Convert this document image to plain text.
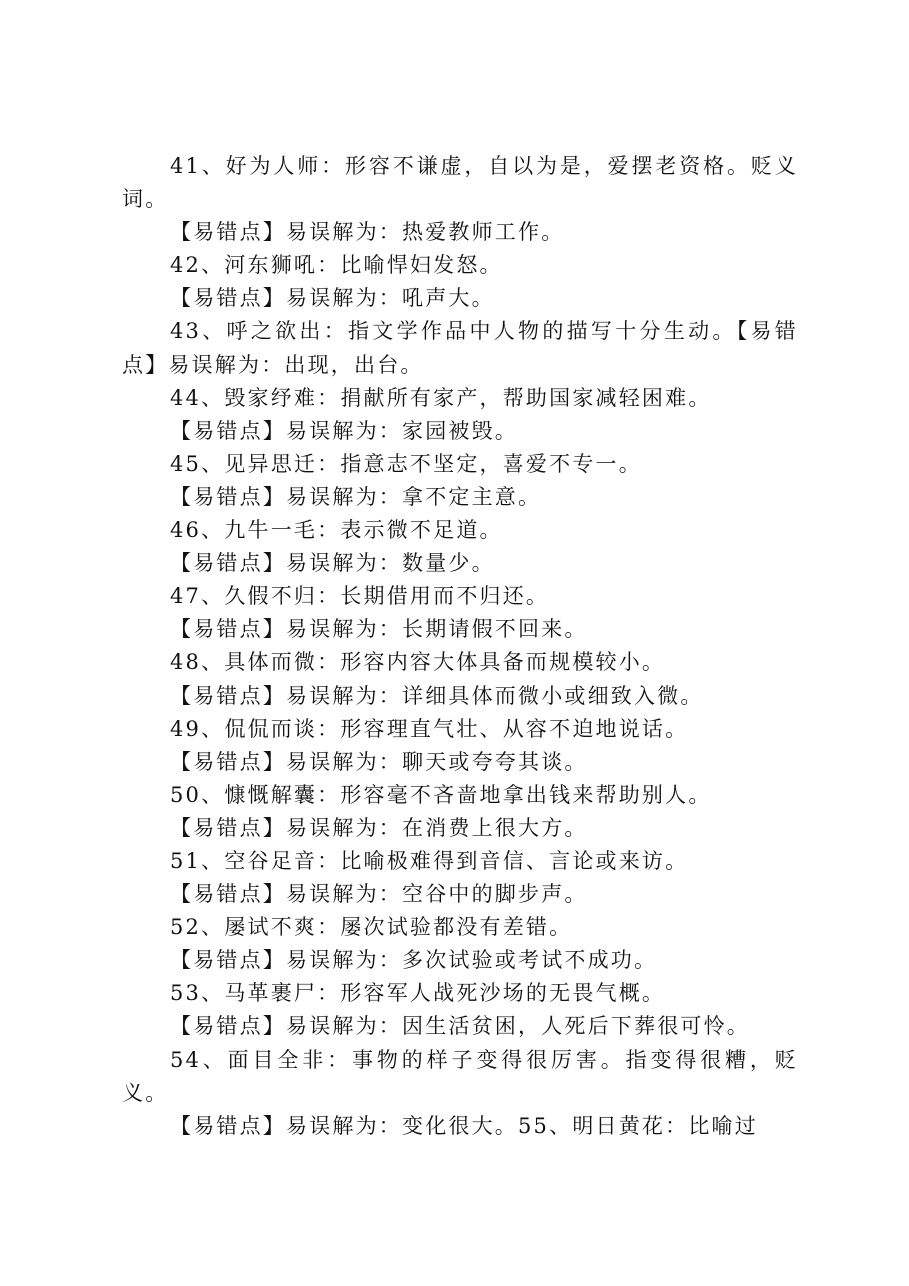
41、好为人师：形容不谦虚，自以为是，爱摆老资格。贬义词。

【易错点】易误解为：热爱教师工作。

42、河东狮吼：比喻悍妇发怒。

【易错点】易误解为：吼声大。

43、呼之欲出：指文学作品中人物的描写十分生动。【易错点】易误解为：出现，出台。

44、毁家纾难：捐献所有家产，帮助国家减轻困难。

【易错点】易误解为：家园被毁。

45、见异思迁：指意志不坚定，喜爱不专一。

【易错点】易误解为：拿不定主意。

46、九牛一毛：表示微不足道。

【易错点】易误解为：数量少。

47、久假不归：长期借用而不归还。

【易错点】易误解为：长期请假不回来。

48、具体而微：形容内容大体具备而规模较小。

【易错点】易误解为：详细具体而微小或细致入微。

49、侃侃而谈：形容理直气壮、从容不迫地说话。

【易错点】易误解为：聊天或夸夸其谈。

50、慷慨解囊：形容毫不吝啬地拿出钱来帮助别人。

【易错点】易误解为：在消费上很大方。

51、空谷足音：比喻极难得到音信、言论或来访。

【易错点】易误解为：空谷中的脚步声。

52、屡试不爽：屡次试验都没有差错。

【易错点】易误解为：多次试验或考试不成功。

53、马革裹尸：形容军人战死沙场的无畏气概。

【易错点】易误解为：因生活贫困，人死后下葬很可怜。

54、面目全非：事物的样子变得很厉害。指变得很糟，贬义。

【易错点】易误解为：变化很大。55、明日黄花：比喻过
